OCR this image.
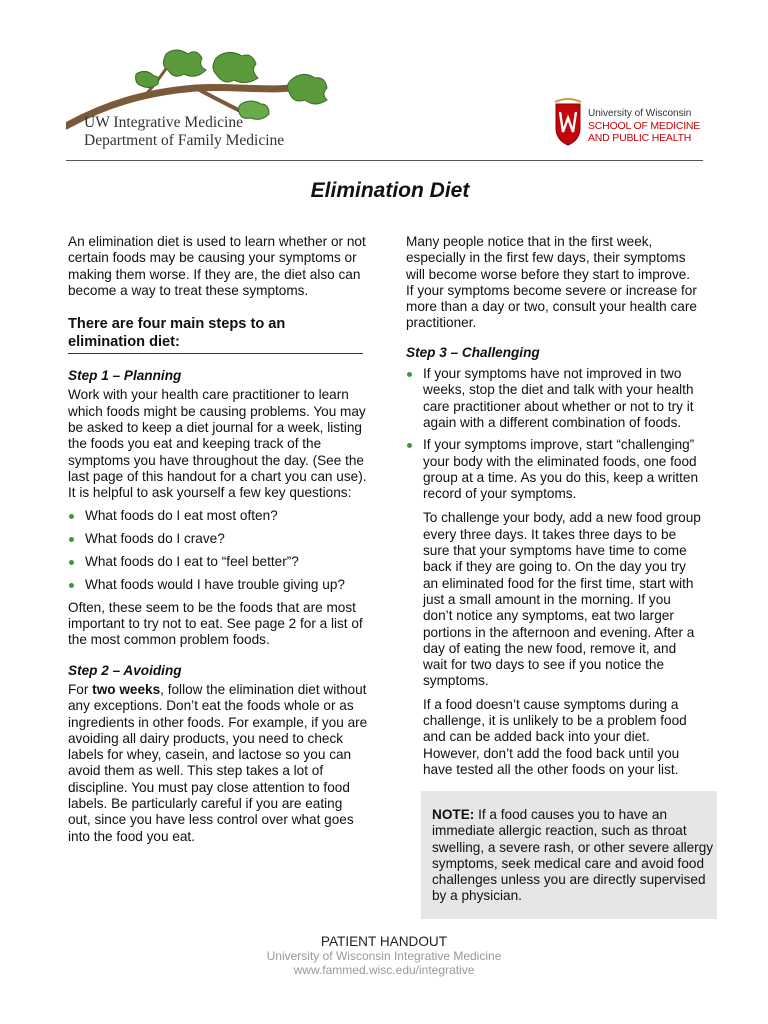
UW Integrative Medicine
Department of Family Medicine
University of Wisconsin
SCHOOL OF MEDICINE
AND PUBLIC HEALTH
Elimination Diet

An elimination diet is used to learn whether or not certain foods may be causing your symptoms or making them worse. If they are, the diet also can become a way to treat these symptoms.

There are four main steps to an elimination diet:
Step 1 – Planning

Work with your health care practitioner to learn which foods might be causing problems. You may be asked to keep a diet journal for a week, listing the foods you eat and keeping track of the symptoms you have throughout the day. (See the last page of this handout for a chart you can use). It is helpful to ask yourself a few key questions:

What foods do I eat most often?
What foods do I crave?
What foods do I eat to “feel better”?
What foods would I have trouble giving up?

Often, these seem to be the foods that are most important to try not to eat. See page 2 for a list of the most common problem foods.

Step 2 – Avoiding

For two weeks, follow the elimination diet without any exceptions. Don’t eat the foods whole or as ingredients in other foods. For example, if you are avoiding all dairy products, you need to check labels for whey, casein, and lactose so you can avoid them as well. This step takes a lot of discipline. You must pay close attention to food labels. Be particularly careful if you are eating out, since you have less control over what goes into the food you eat.

Many people notice that in the first week, especially in the first few days, their symptoms will become worse before they start to improve. If your symptoms become severe or increase for more than a day or two, consult your health care practitioner.

Step 3 – Challenging
If your symptoms have not improved in two weeks, stop the diet and talk with your health care practitioner about whether or not to try it again with a different combination of foods.
If your symptoms improve, start “challenging” your body with the eliminated foods, one food group at a time. As you do this, keep a written record of your symptoms.

To challenge your body, add a new food group every three days. It takes three days to be sure that your symptoms have time to come back if they are going to. On the day you try an eliminated food for the first time, start with just a small amount in the morning. If you don’t notice any symptoms, eat two larger portions in the afternoon and evening. After a day of eating the new food, remove it, and wait for two days to see if you notice the symptoms.

If a food doesn’t cause symptoms during a challenge, it is unlikely to be a problem food and can be added back into your diet. However, don’t add the food back until you have tested all the other foods on your list.

NOTE: If a food causes you to have an immediate allergic reaction, such as throat swelling, a severe rash, or other severe allergy symptoms, seek medical care and avoid food challenges unless you are directly supervised by a physician.
PATIENT HANDOUT
University of Wisconsin Integrative Medicine
www.fammed.wisc.edu/integrative
